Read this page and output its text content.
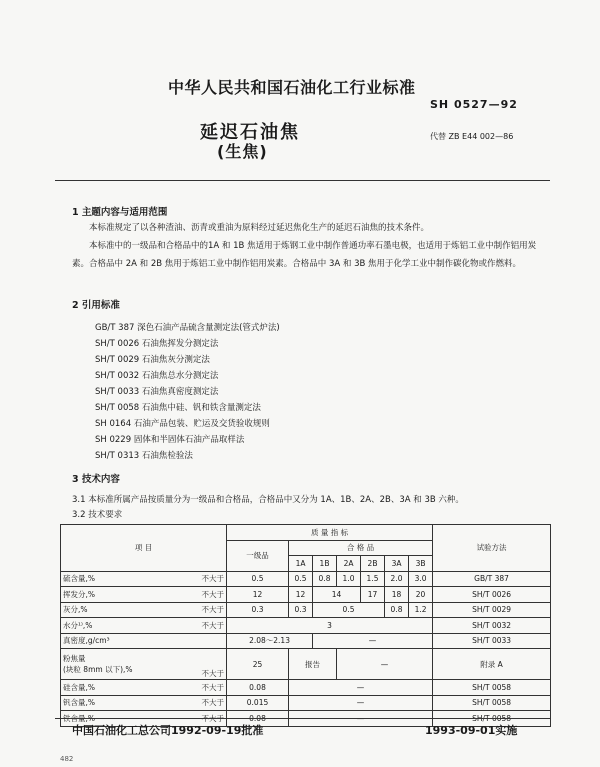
中华人民共和国石油化工行业标准
SH 0527—92
延迟石油焦
(生焦)
代替 ZB E44 002—86
1 主题内容与适用范围

本标准规定了以各种渣油、沥青或重油为原料经过延迟焦化生产的延迟石油焦的技术条件。

本标准中的一级品和合格品中的1A 和 1B 焦适用于炼钢工业中制作普通功率石墨电极，也适用于炼铝工业中制作铝用炭素。合格品中 2A 和 2B 焦用于炼铝工业中制作铝用炭素。合格品中 3A 和 3B 焦用于化学工业中制作碳化物或作燃料。

2 引用标准
GB/T 387 深色石油产品硫含量测定法(管式炉法)
SH/T 0026 石油焦挥发分测定法
SH/T 0029 石油焦灰分测定法
SH/T 0032 石油焦总水分测定法
SH/T 0033 石油焦真密度测定法
SH/T 0058 石油焦中硅、钒和铁含量测定法
SH 0164 石油产品包装、贮运及交货验收规则
SH 0229 固体和半固体石油产品取样法
SH/T 0313 石油焦检验法
3 技术内容
3.1 本标准所属产品按质量分为一级品和合格品，合格品中又分为 1A、1B、2A、2B、3A 和 3B 六种。
3.2 技术要求
项 目		质 量 指 标							试验方法
		一级品	合 格 品						
			1A	1B	2A	2B	3A	3B	
硫含量,%	不大于	0.5	0.5	0.8	1.0	1.5	2.0	3.0	GB/T 387
挥发分,%	不大于	12	12	14		17	18	20	SH/T 0026
灰分,%	不大于	0.3	0.3	0.5			0.8	1.2	SH/T 0029
水分¹⁾,%	不大于	3							SH/T 0032
真密度,g/cm³		2.08～2.13		—					SH/T 0033

粉焦量
(块粒 8mm 以下),%	不大于	25	报告		—				附录 A
硅含量,%	不大于	0.08	—						SH/T 0058
钒含量,%	不大于	0.015	—						SH/T 0058
铁含量,%	不大于	0.08	—						SH/T 0058
中国石油化工总公司1992-09-19批准	1993-09-01实施
482
